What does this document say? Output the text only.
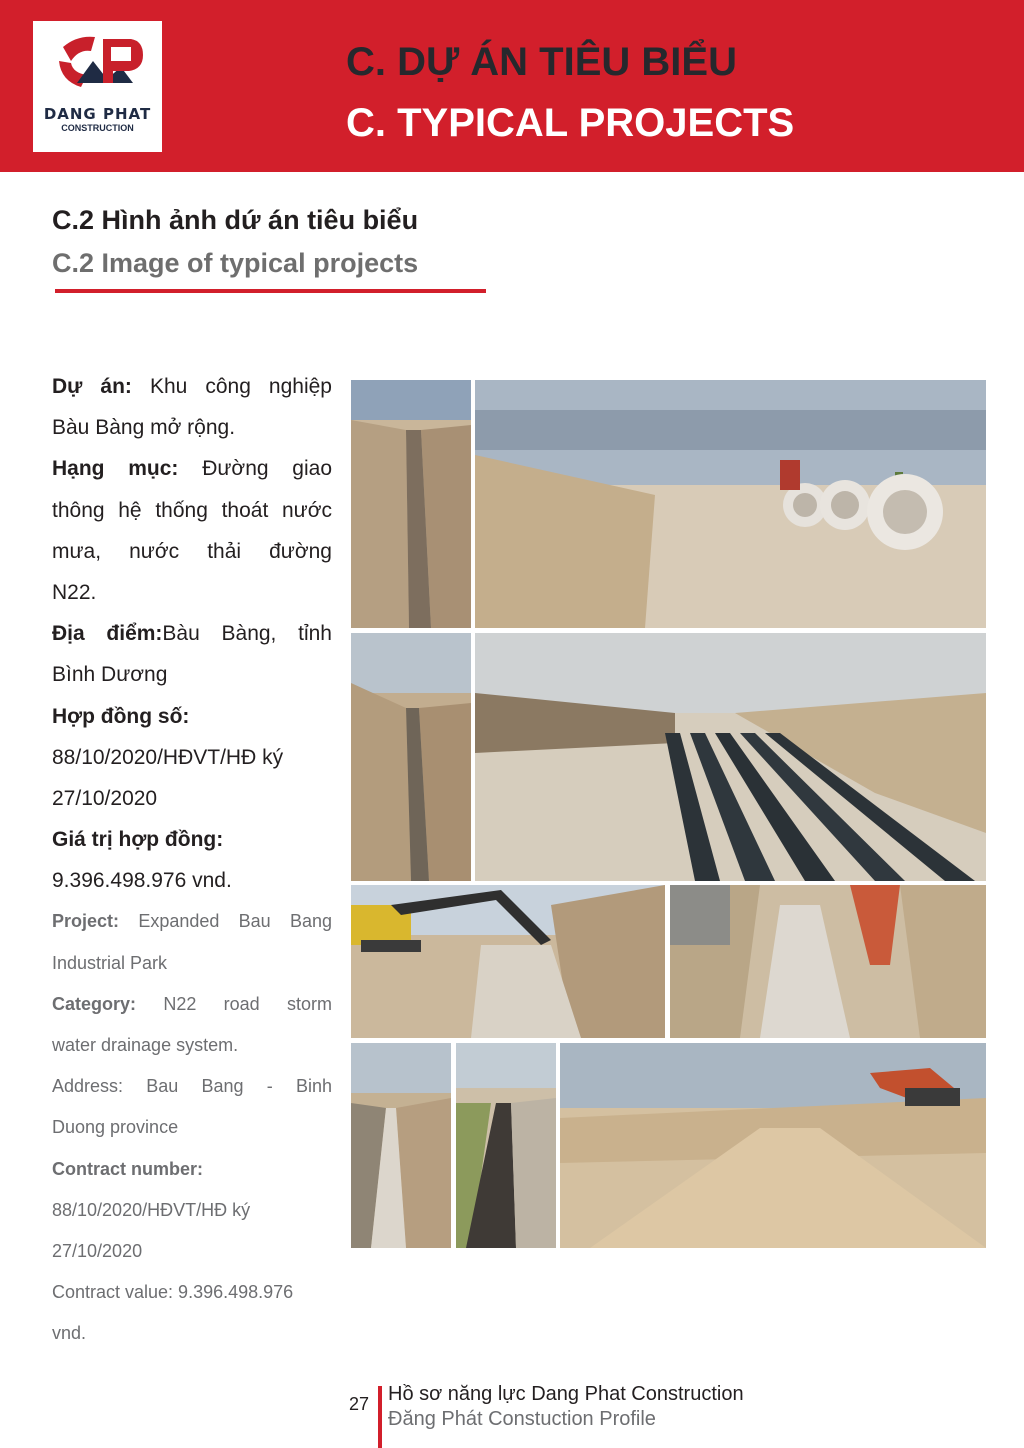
DANG PHAT
CONSTRUCTION
C. DỰ ÁN TIÊU BIỂU
C. TYPICAL PROJECTS
C.2 Hình ảnh dứ án tiêu biểu
C.2 Image of typical projects
Dự án: Khu công nghiệp
Bàu Bàng mở rộng.
Hạng mục: Đường giao
thông hệ thống thoát nước
mưa, nước thải đường
N22.
Địa điểm:Bàu Bàng, tỉnh
Bình Dương
Hợp đồng số:
88/10/2020/HĐVT/HĐ ký
27/10/2020
Giá trị hợp đồng:
9.396.498.976 vnd.
Project: Expanded Bau Bang
Industrial Park
Category: N22 road storm
water drainage system.
Address: Bau Bang - Binh
Duong province
Contract number:
88/10/2020/HĐVT/HĐ ký
27/10/2020
Contract value: 9.396.498.976
vnd.
27 Hồ sơ năng lực Dang Phat Construction
Đăng Phát Constuction Profile
